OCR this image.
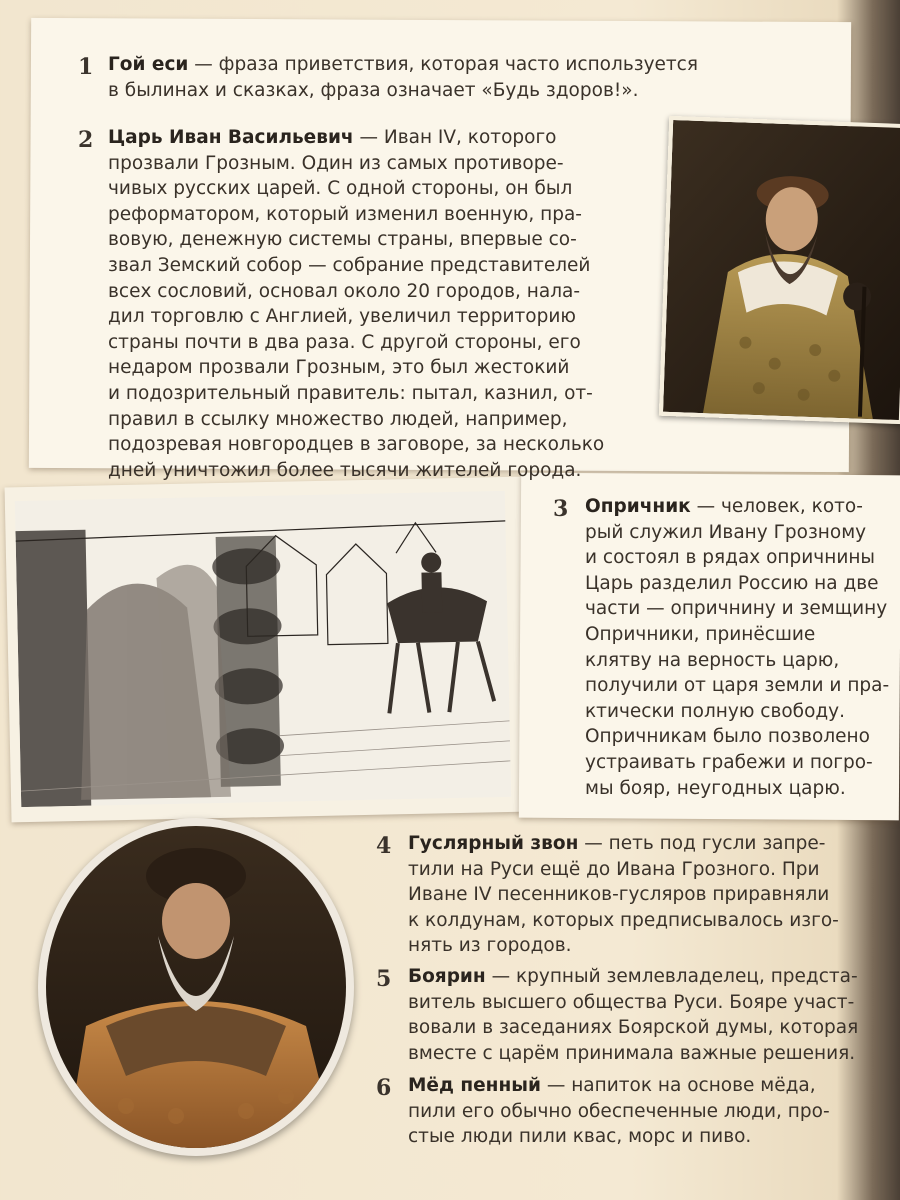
1 Гой еси — фраза приветствия, которая часто используется
в былинах и сказках, фраза означает «Будь здоров!».
2 Царь Иван Васильевич — Иван IV, которого
прозвали Грозным. Один из самых противоре-
чивых русских царей. С одной стороны, он был
реформатором, который изменил военную, пра-
вовую, денежную системы страны, впервые со-
звал Земский собор — собрание представителей
всех сословий, основал около 20 городов, нала-
дил торговлю с Англией, увеличил территорию
страны почти в два раза. С другой стороны, его
недаром прозвали Грозным, это был жестокий
и подозрительный правитель: пытал, казнил, от-
правил в ссылку множество людей, например,
подозревая новгородцев в заговоре, за несколько
дней уничтожил более тысячи жителей города.
3 Опричник — человек, кото-
рый служил Ивану Грозному
и состоял в рядах опричнины
Царь разделил Россию на две
части — опричнину и земщину
Опричники, принёсшие
клятву на верность царю,
получили от царя земли и пра-
ктически полную свободу.
Опричникам было позволено
устраивать грабежи и погро-
мы бояр, неугодных царю.
4 Гуслярный звон — петь под гусли запре-
тили на Руси ещё до Ивана Грозного. При
Иване IV песенников-гусляров приравняли
к колдунам, которых предписывалось изго-
нять из городов.
5 Боярин — крупный землевладелец, предста-
витель высшего общества Руси. Бояре участ-
вовали в заседаниях Боярской думы, которая
вместе с царём принимала важные решения.
6 Мёд пенный — напиток на основе мёда,
пили его обычно обеспеченные люди, про-
стые люди пили квас, морс и пиво.
